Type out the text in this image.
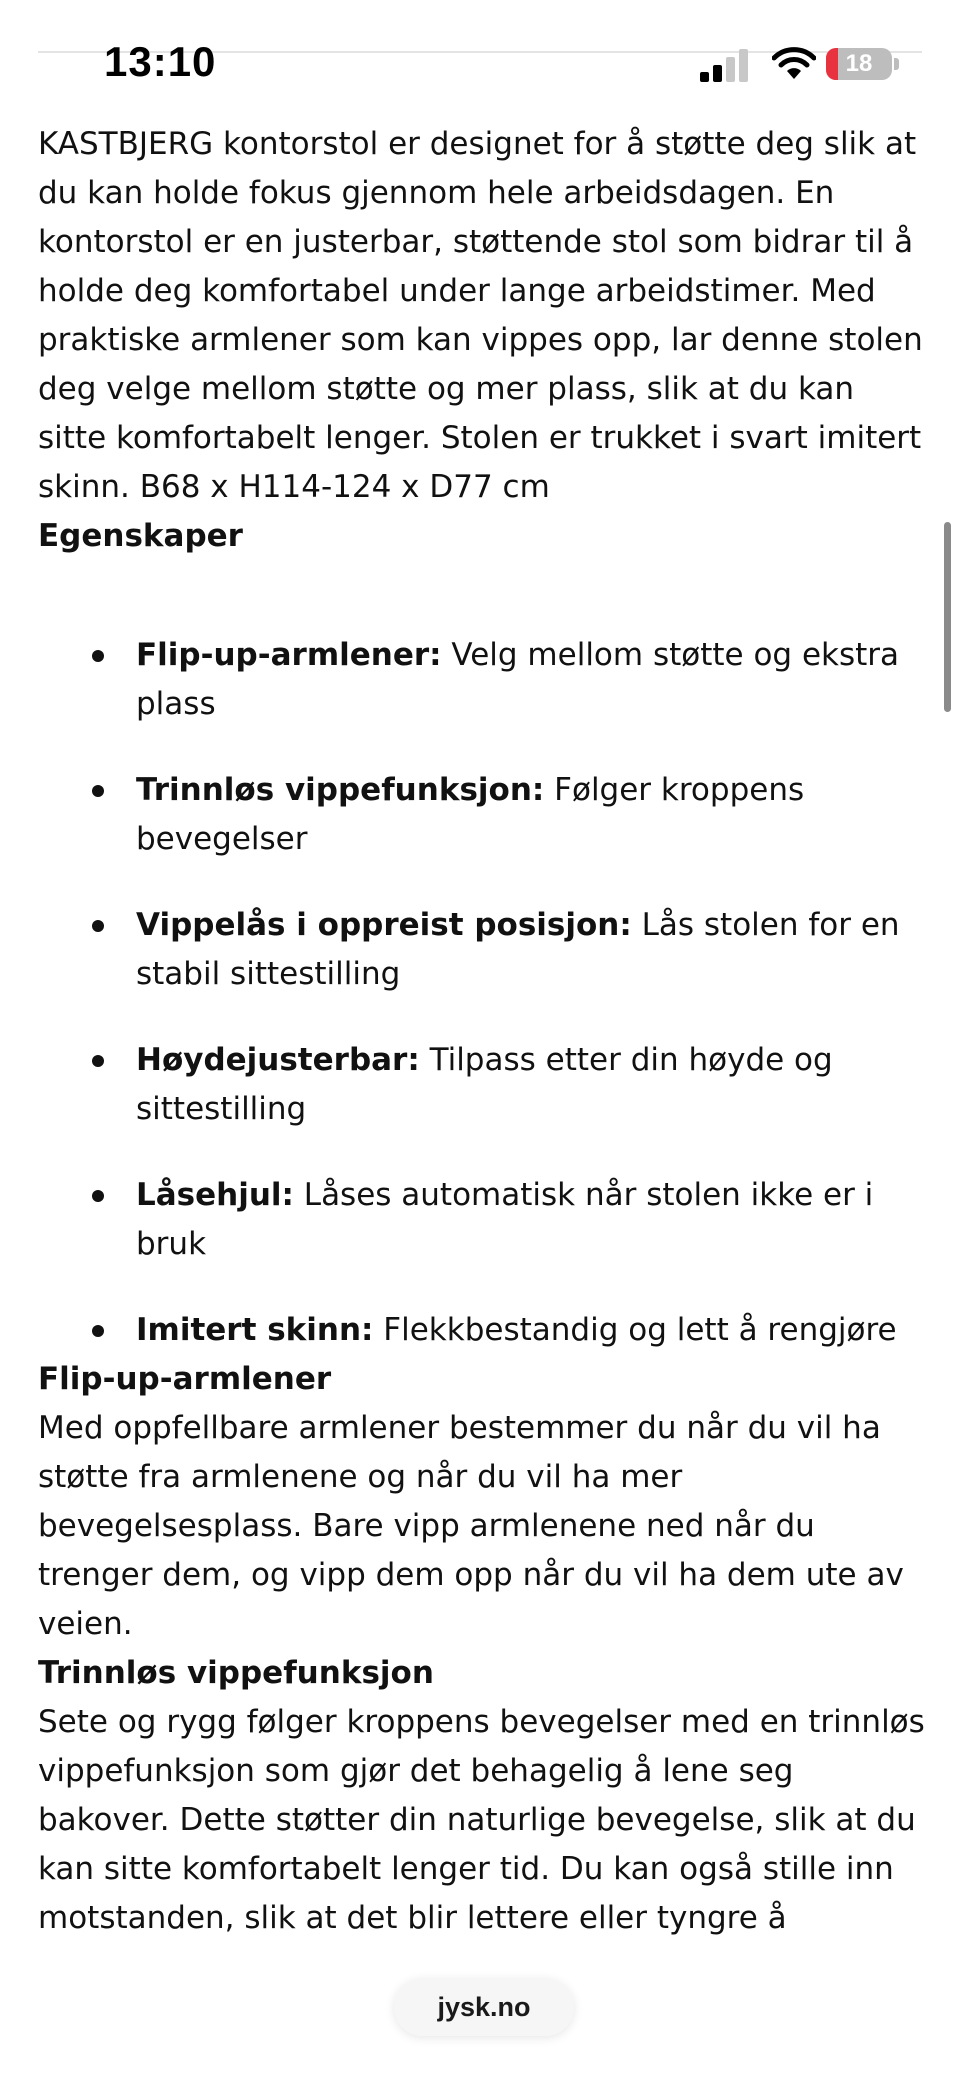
13:10	18

KASTBJERG kontorstol er designet for å støtte deg slik at du kan holde fokus gjennom hele arbeidsdagen. En kontorstol er en justerbar, støttende stol som bidrar til å holde deg komfortabel under lange arbeidstimer. Med praktiske armlener som kan vippes opp, lar denne stolen deg velge mellom støtte og mer plass, slik at du kan sitte komfortabelt lenger. Stolen er trukket i svart imitert skinn. B68 x H114-124 x D77 cm

Egenskaper

Flip-up-armlener: Velg mellom støtte og ekstra plass
Trinnløs vippefunksjon: Følger kroppens bevegelser
Vippelås i oppreist posisjon: Lås stolen for en stabil sittestilling
Høydejusterbar: Tilpass etter din høyde og sittestilling
Låsehjul: Låses automatisk når stolen ikke er i bruk
Imitert skinn: Flekkbestandig og lett å rengjøre

Flip-up-armlener

Med oppfellbare armlener bestemmer du når du vil ha støtte fra armlenene og når du vil ha mer bevegelsesplass. Bare vipp armlenene ned når du trenger dem, og vipp dem opp når du vil ha dem ute av veien.

Trinnløs vippefunksjon

Sete og rygg følger kroppens bevegelser med en trinnløs vippefunksjon som gjør det behagelig å lene seg bakover. Dette støtter din naturlige bevegelse, slik at du kan sitte komfortabelt lenger tid. Du kan også stille inn motstanden, slik at det blir lettere eller tyngre å

jysk.no
